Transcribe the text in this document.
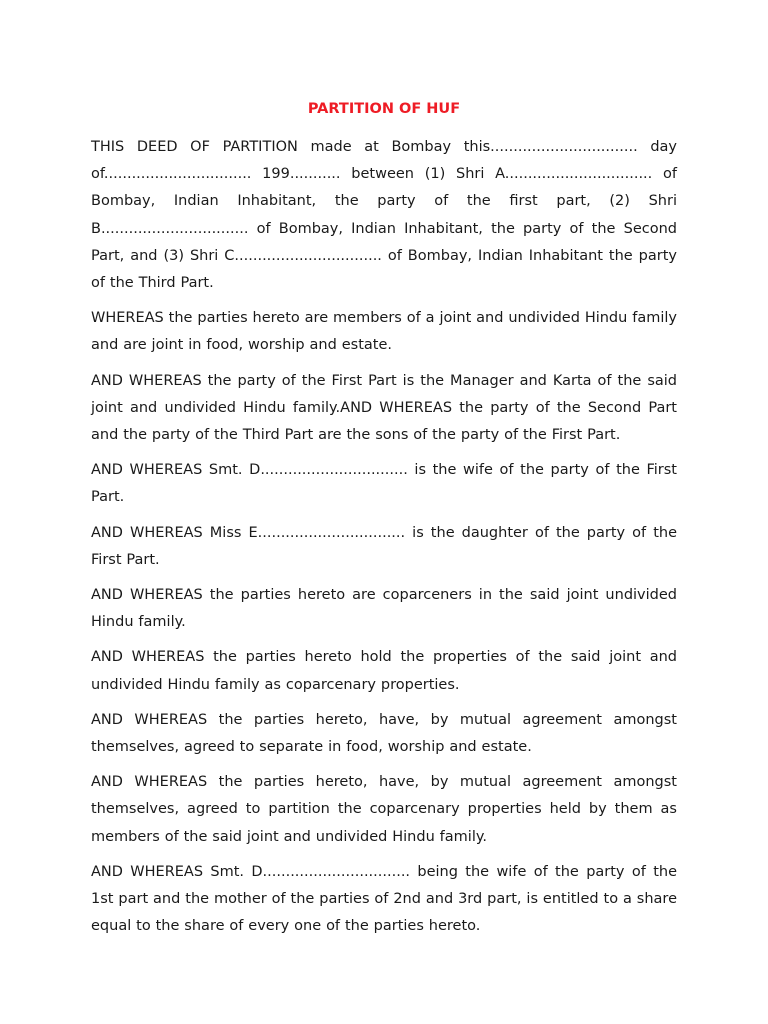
PARTITION OF HUF

THIS DEED OF PARTITION made at Bombay this................................ day of................................ 199........... between (1) Shri A................................ of Bombay, Indian Inhabitant, the party of the first part, (2) Shri B................................ of Bombay, Indian Inhabitant, the party of the Second Part, and (3) Shri C................................ of Bombay, Indian Inhabitant the party of the Third Part.

WHEREAS the parties hereto are members of a joint and undivided Hindu family and are joint in food, worship and estate.

AND WHEREAS the party of the First Part is the Manager and Karta of the said joint and undivided Hindu family.AND WHEREAS the party of the Second Part and the party of the Third Part are the sons of the party of the First Part.

AND WHEREAS Smt. D................................ is the wife of the party of the First Part.

AND WHEREAS Miss E................................ is the daughter of the party of the First Part.

AND WHEREAS the parties hereto are coparceners in the said joint undivided Hindu family.

AND WHEREAS the parties hereto hold the properties of the said joint and undivided Hindu family as coparcenary properties.

AND WHEREAS the parties hereto, have, by mutual agreement amongst themselves, agreed to separate in food, worship and estate.

AND WHEREAS the parties hereto, have, by mutual agreement amongst themselves, agreed to partition the coparcenary properties held by them as members of the said joint and undivided Hindu family.

AND WHEREAS Smt. D................................ being the wife of the party of the 1st part and the mother of the parties of 2nd and 3rd part, is entitled to a share equal to the share of every one of the parties hereto.
